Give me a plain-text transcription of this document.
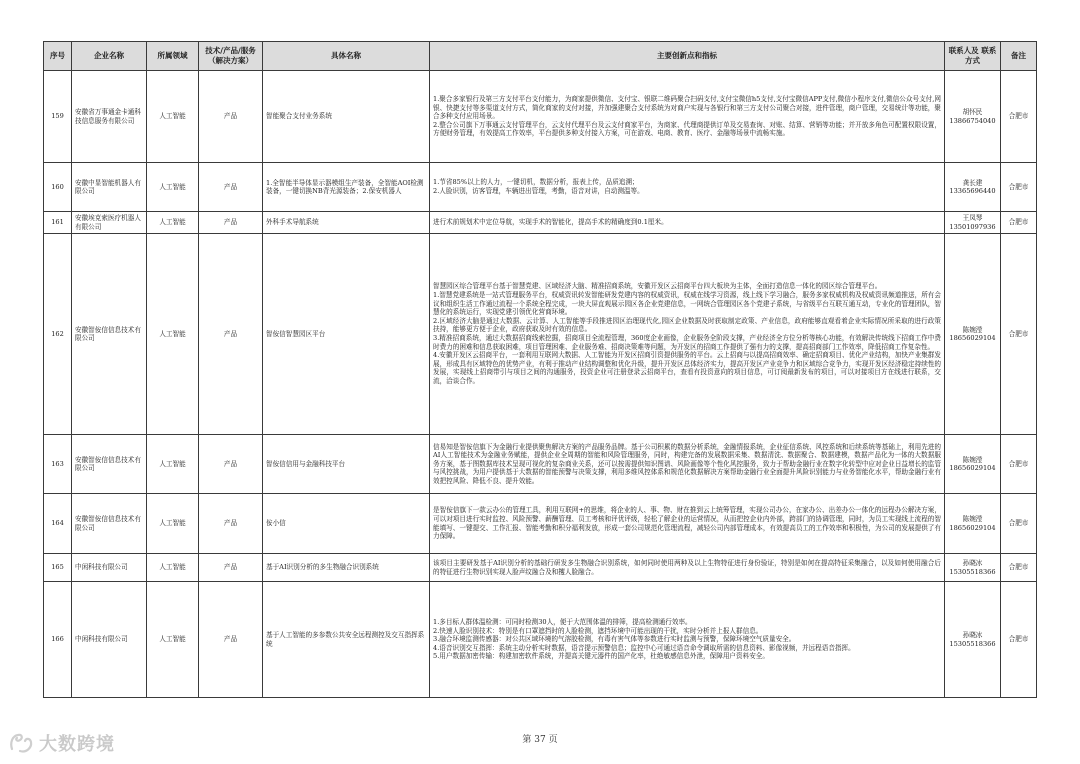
序号	企业名称	所属领域	技术/产品/服务 （解决方案）	具体名称	主要创新点和指标	联系人及 联系方式	备注
159	安徽省万事通金卡通科技信息服务有限公司	人工智能	产品	智能聚合支付业务系统	1.聚合多家银行及第三方支付平台支付能力，为商家提供微信、支付宝、银联二维码聚合扫码支付,支付宝微信h5支付,支付宝微信APP支付,微信小程序支付,微信公众号支付,网银、快捷支付等多渠道支付方式，简化商家的支付对接，并加强建聚合支付系统为对商户实现与各银行和第三方支付公司聚合对接，进件管理，商户管理，交易统计等功能，聚合多种支付应用场景。
2.整合公司旗下万事通云支付管理平台，云支付代理平台及云支付商家平台，为商家、代理商提供订单及交易查询、对账、结算、营销等功能；并开放多角色可配置权限设置，方便财务管理，有效提高工作效率，平台提供多种支付接入方案，可在游戏、电商、教育、医疗、金融等场景中流畅实施。	胡怀民
13866754040	合肥市
160	安徽中显智能机器人有限公司	人工智能	产品	1.全智能半导体显示器模组生产装备，全智能AOI检测装备，一键切换NB背光源装备；2.保安机器人	1.节省85%以上的人力，一键切机，数据分析，报表上传，品质追溯；
2.人脸识别，访客管理，车辆进出管理，考勤，语音对讲，自动测温等。	龚长建
13365696440	合肥市
161	安徽埃克索医疗机器人有限公司	人工智能	产品	外科手术导航系统	进行术前规划术中定位导航，实现手术的智能化，提高手术的精确度到0.1厘米。	王凤琴
13501097936	合肥市
162	安徽智侒信信息技术有限公司	人工智能	产品	智侒信智慧园区平台	智慧园区综合管理平台基于智慧党建、区域经济大脑、精准招商系统，安徽开发区云招商平台四大板块为主体，全面打造信息一体化的园区综合管理平台。
1.智慧党建系统是一站式管理服务平台，权威资讯转发智能研发党建内容的权威资讯，权威在线学习资源，线上线下学习融合，服务多家权威机构及权威资讯频道推送，所有会议和组织生活工作通过流程一个系统全程完成，一块大屏直观展示园区各企业党建信息，一网统合管理园区各个党建子系统，与省级平台互联互通互动，专业化的管理团队，智慧化的系统运行，实现党建引领优化营商环境。
2.区域经济大脑是通过大数据、云计算、人工智能等手段推进园区治理现代化,园区企业数据及时获取制定政策、产业信息，政府能够直观看着企业实际情况所采取的进行政策扶持，能够更方便于企业，政府获取及时有效的信息。
3.精准招商系统，通过大数据招商线索挖掘，招商项目全流程管理，360度企业画像，企业服务全阶段支撑，产业经济全方位分析等核心功能，有效解决传统线下招商工作中费时费力的困难和信息获取困难，项目管理困难、企业服务难、招商决策难等问题，为开发区的招商工作提供了强有力的支撑，提高招商部门工作效率，降低招商工作复杂性。
4.安徽开发区云招商平台，一套利用互联网大数据、人工智能为开发区招商引资提供服务的平台。云上招商与以提高招商效率、确定招商项目、优化产业结构，加快产业集群发展，形成具有区域特色的优势产业，有利于推动产业结构调整和优化升级，提升开发区总体经济实力，提高开发区产业竞争力和区域综合竞争力，实现开发区经济稳定持续性的发展，实现线上招商带引与项目之间的沟通服务，投资企业可注册登录云招商平台，查看有投资意向的项目信息，可订阅最新发布的项目，可以对接项目方在线进行联系，交流，洽谈合作。	陈婉滢
18656029104	合肥市
163	安徽智侒信信息技术有限公司	人工智能	产品	智侒信信用与金融科技平台	信易知是智侒信旗下为金融行业提供聚焦解决方案的产品服务品牌。基于公司积累的数据分析系统，金融情报系统，企业征信系统、风控系统和后续系统等基础上，利用先进的AI人工智能技术为金融业务赋能，提供企业全周期的智能和风险管理服务，同时，构建完备的发展数据采集、数据清洗、数据聚合、数据建模，数据产品化为一体的大数据服务方案，基于图数据库技术呈现可视化的复杂商业关系，还可以按需提供知识图谱、风险画像等个性化风控服务，致力于帮助金融行业在数字化转型中应对企业日益增长的监管与风控挑战，为用户提供基于大数据的智能预警与决策支撑，利用多维风控体系和规范化数据解决方案帮助金融行业全面提升风险识别能力与业务智能化水平，帮助金融行业有效把控风险、降低不良、提升效能。	陈婉滢
18656029104	合肥市
164	安徽智侒信信息技术有限公司	人工智能	产品	侒小信	是智侒信旗下一款云办公的管理工具，利用互联网+的思维，将企业的人、事、物、财在推到云上统筹管理，实现公司办公，在家办公、出差办公一体化的远程办公解决方案，可以对项目进行实时监控、风险预警、薪酬管理、员工考核和评优评级，轻松了解企业的运营情况，从而把控企业内外部，跨部门的协调管理，同时，为员工实现线上流程的智能填写、一键提交、工作汇报、智能考勤和积分福利发放，形成一套公司规范化管理流程，减轻公司内部管理成本，有效提高员工的工作效率和积极性，为公司的发展提供了有力保障。	陈婉滢
18656029104	合肥市
165	中闲科技有限公司	人工智能	产品	基于AI识别分析的多生物融合识别系统	该项目主要研发基于AI识别分析的基础行研发多生物融合识别系统，如何同时使用两种及以上生物特征进行身份验证，特别是如何在提高特征采集融合，以及如何使用融合后的特征进行生物识别实现人脸声纹融合及和攫人脸融合。	孙晓冰
15305518366	合肥市
166	中闲科技有限公司	人工智能	产品	基于人工智能的多参数公共安全远程测控及交互指挥系统	1.多目标人群体温检测：可同时检测30人，便于大范围体温的排筛，提高检测通行效率。
2.快速人脸识别技术：特别是有口罩遮挡时的人脸检测，遮挡环境中可能出现的干扰，实时分析并上报人群信息。
3.融合环境监测传感器：对公共区域环境的气溶胶检测，有毒有害气体等参数进行实时监测与预警，保障环境空气质量安全。
4.语音识别交互指挥：系统主动分析实时数据，语音提示预警信息；监控中心可通过语音命令调取所需的信息资料、影像视频，并远程语音指挥。
5.用户数据加密传输：构建加密软件系统，并提高关键元器件的国产化率，杜绝敏感信息外泄，保障用户资料安全。	孙晓冰
15305518366	合肥市
第 37 页
大数跨境
